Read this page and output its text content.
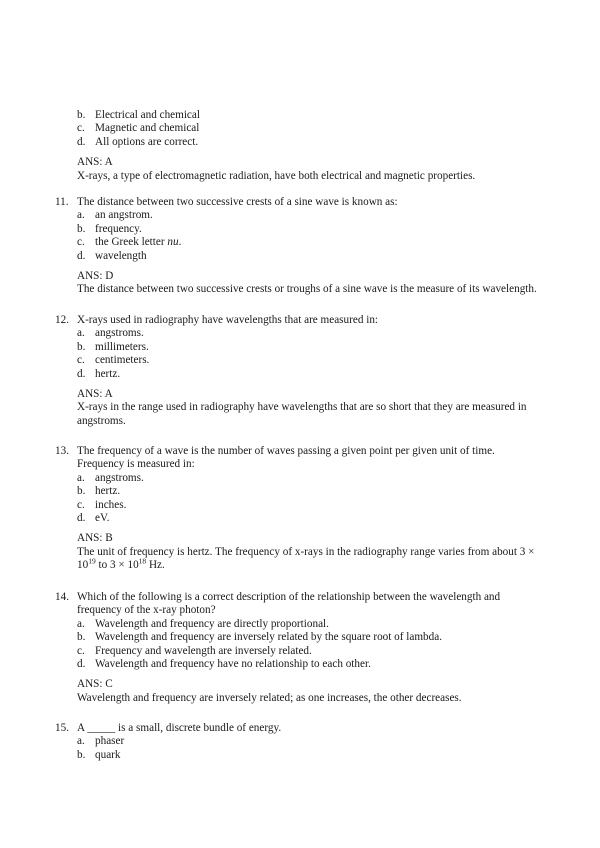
b. Electrical and chemical
c. Magnetic and chemical
d. All options are correct.
ANS: A
X-rays, a type of electromagnetic radiation, have both electrical and magnetic properties.
11. The distance between two successive crests of a sine wave is known as:
a. an angstrom.
b. frequency.
c. the Greek letter nu.
d. wavelength
ANS: D
The distance between two successive crests or troughs of a sine wave is the measure of its wavelength.
12. X-rays used in radiography have wavelengths that are measured in:
a. angstroms.
b. millimeters.
c. centimeters.
d. hertz.
ANS: A
X-rays in the range used in radiography have wavelengths that are so short that they are measured in
angstroms.
13. The frequency of a wave is the number of waves passing a given point per given unit of time.
Frequency is measured in:
a. angstroms.
b. hertz.
c. inches.
d. eV.
ANS: B
The unit of frequency is hertz. The frequency of x-rays in the radiography range varies from about 3 ×
$10^{19}$ to $3 \times 10^{18}$ Hz.
14. Which of the following is a correct description of the relationship between the wavelength and
frequency of the x-ray photon?
a. Wavelength and frequency are directly proportional.
b. Wavelength and frequency are inversely related by the square root of lambda.
c. Frequency and wavelength are inversely related.
d. Wavelength and frequency have no relationship to each other.
ANS: C
Wavelength and frequency are inversely related; as one increases, the other decreases.
15. A _____ is a small, discrete bundle of energy.
a. phaser
b. quark
